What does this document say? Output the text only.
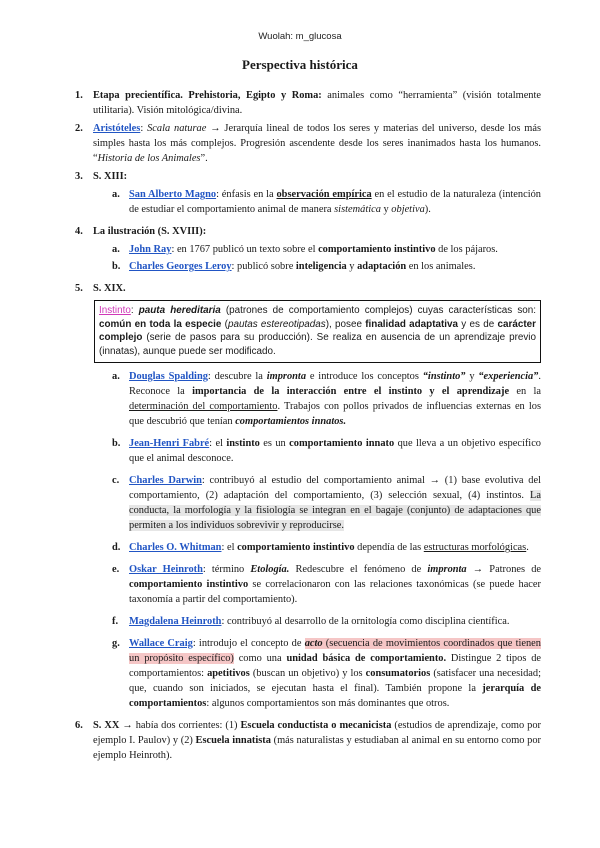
Wuolah: m_glucosa
Perspectiva histórica
1. Etapa precientífica. Prehistoria, Egipto y Roma: animales como “herramienta” (visión totalmente utilitaria). Visión mitológica/divina.
2. Aristóteles: Scala naturae → Jerarquía lineal de todos los seres y materias del universo, desde los más simples hasta los más complejos. Progresión ascendente desde los seres inanimados hasta los humanos. “Historia de los Animales”.
3. S. XIII:
a. San Alberto Magno: énfasis en la observación empírica en el estudio de la naturaleza (intención de estudiar el comportamiento animal de manera sistemática y objetiva).
4. La ilustración (S. XVIII):
a. John Ray: en 1767 publicó un texto sobre el comportamiento instintivo de los pájaros.
b. Charles Georges Leroy: publicó sobre inteligencia y adaptación en los animales.
5. S. XIX.
Instinto: pauta hereditaria (patrones de comportamiento complejos) cuyas características son: común en toda la especie (pautas estereotipadas), posee finalidad adaptativa y es de carácter complejo (serie de pasos para su producción). Se realiza en ausencia de un aprendizaje previo (innatas), aunque puede ser modificado.
a. Douglas Spalding: descubre la impronta e introduce los conceptos “instinto” y “experiencia”. Reconoce la importancia de la interacción entre el instinto y el aprendizaje en la determinación del comportamiento. Trabajos con pollos privados de influencias externas en los que descubrió que tenían comportamientos innatos.
b. Jean-Henri Fabré: el instinto es un comportamiento innato que lleva a un objetivo específico que el animal desconoce.
c. Charles Darwin: contribuyó al estudio del comportamiento animal → (1) base evolutiva del comportamiento, (2) adaptación del comportamiento, (3) selección sexual, (4) instintos. La conducta, la morfología y la fisiología se integran en el bagaje (conjunto) de adaptaciones que permiten a los individuos sobrevivir y reproducirse.
d. Charles O. Whitman: el comportamiento instintivo dependía de las estructuras morfológicas.
e. Oskar Heinroth: término Etología. Redescubre el fenómeno de impronta → Patrones de comportamiento instintivo se correlacionaron con las relaciones taxonómicas (se puede hacer taxonomía a partir del comportamiento).
f. Magdalena Heinroth: contribuyó al desarrollo de la ornitología como disciplina científica.
g. Wallace Craig: introdujo el concepto de acto (secuencia de movimientos coordinados que tienen un propósito específico) como una unidad básica de comportamiento. Distingue 2 tipos de comportamientos: apetitivos (buscan un objetivo) y los consumatorios (satisfacer una necesidad; que, cuando son iniciados, se ejecutan hasta el final). También propone la jerarquía de comportamientos: algunos comportamientos son más dominantes que otros.
6. S. XX → había dos corrientes: (1) Escuela conductista o mecanicista (estudios de aprendizaje, como por ejemplo I. Paulov) y (2) Escuela innatista (más naturalistas y estudiaban al animal en su entorno como por ejemplo Heinroth).
